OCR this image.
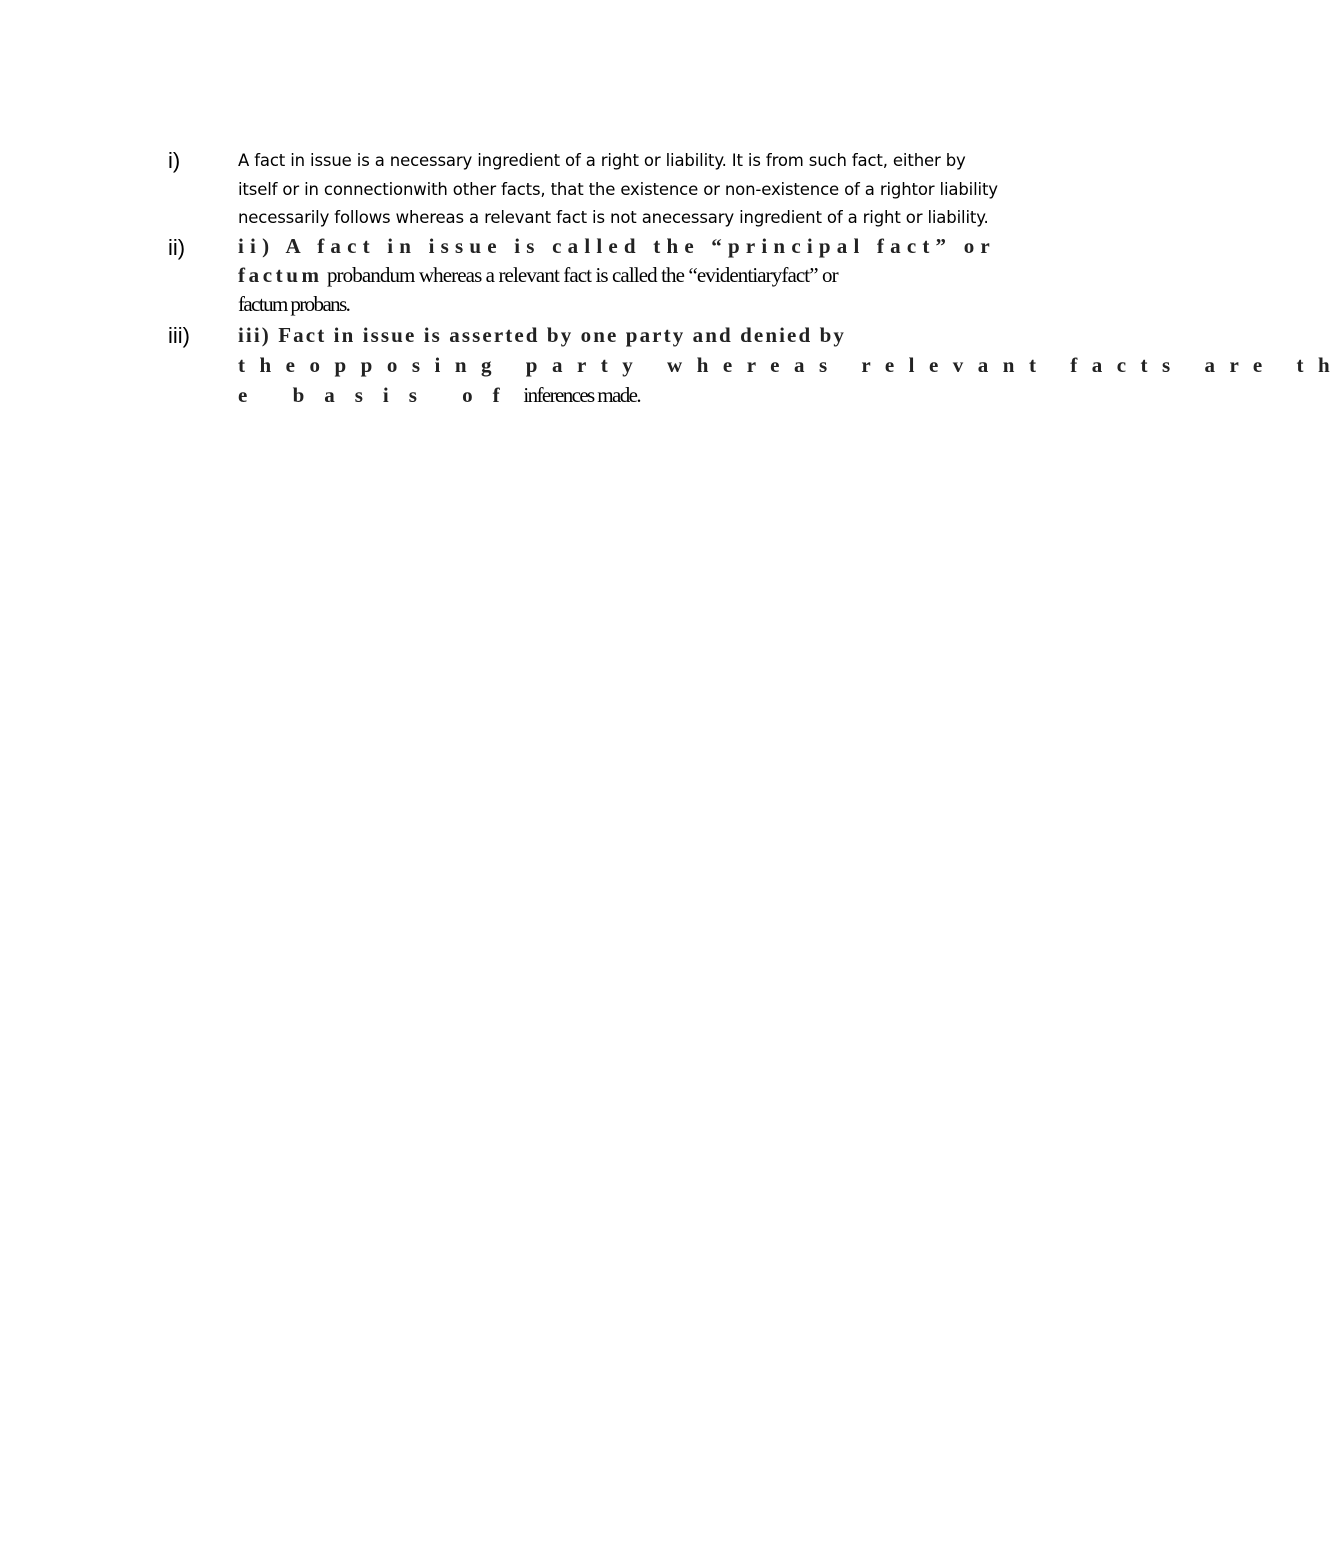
i)	A fact in issue is a necessary ingredient of a right or liability. It is from such fact, either by
itself or in connectionwith other facts, that the existence or non-existence of a rightor liability
necessarily follows whereas a relevant fact is not anecessary ingredient of a right or liability.
ii)	ii) A fact in issue is called the “principal fact” or
factum probandum whereas a relevant fact is called the “evidentiaryfact” or
factum probans.
iii) iii) Fact in issue is asserted by one party and denied by
theopposing party whereas relevant facts are th
e basis of inferences made.
